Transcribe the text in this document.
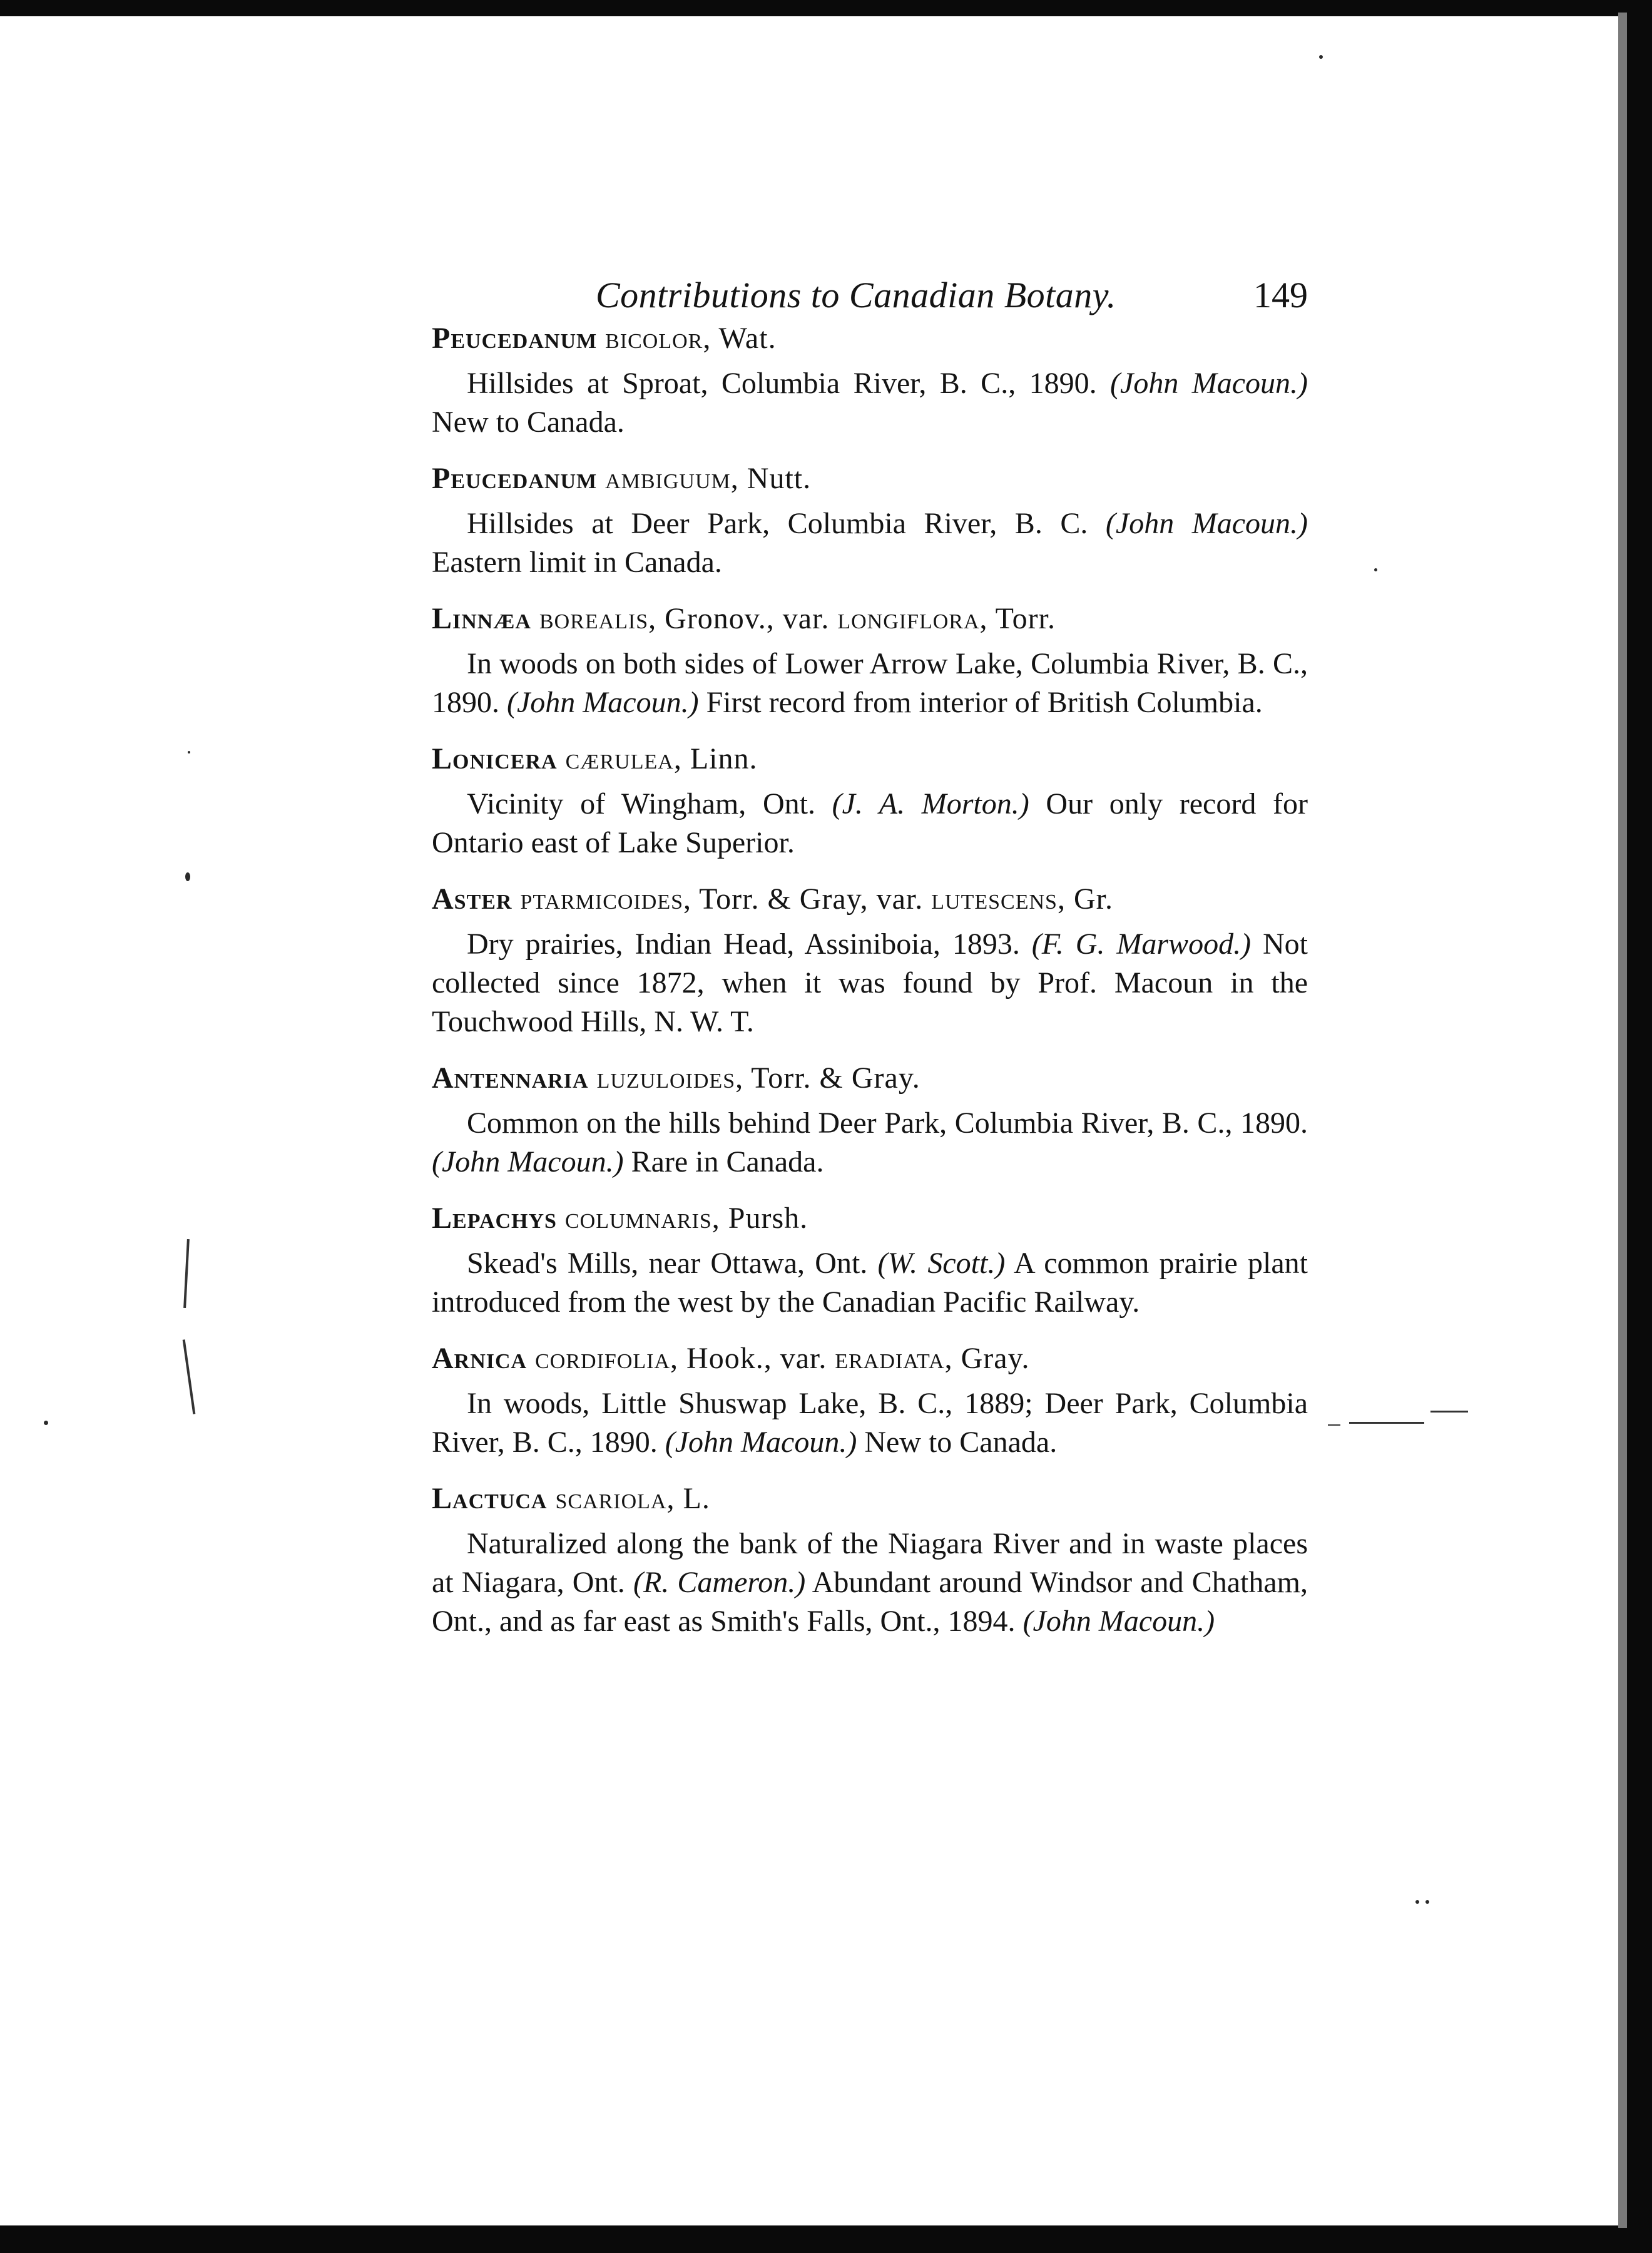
Contributions to Canadian Botany.	149
Peucedanum bicolor, Wat.

Hillsides at Sproat, Columbia River, B. C., 1890. (John Macoun.) New to Canada.

Peucedanum ambiguum, Nutt.

Hillsides at Deer Park, Columbia River, B. C. (John Macoun.) Eastern limit in Canada.

Linnæa borealis, Gronov., var. longiflora, Torr.

In woods on both sides of Lower Arrow Lake, Columbia River, B. C., 1890. (John Macoun.) First record from interior of British Columbia.

Lonicera cærulea, Linn.

Vicinity of Wingham, Ont. (J. A. Morton.) Our only record for Ontario east of Lake Superior.

Aster ptarmicoides, Torr. & Gray, var. lutescens, Gr.

Dry prairies, Indian Head, Assiniboia, 1893. (F. G. Marwood.) Not collected since 1872, when it was found by Prof. Macoun in the Touchwood Hills, N. W. T.

Antennaria luzuloides, Torr. & Gray.

Common on the hills behind Deer Park, Columbia River, B. C., 1890. (John Macoun.) Rare in Canada.

Lepachys columnaris, Pursh.

Skead's Mills, near Ottawa, Ont. (W. Scott.) A common prairie plant introduced from the west by the Canadian Pacific Railway.

Arnica cordifolia, Hook., var. eradiata, Gray.

In woods, Little Shuswap Lake, B. C., 1889; Deer Park, Columbia River, B. C., 1890. (John Macoun.) New to Canada.

Lactuca scariola, L.

Naturalized along the bank of the Niagara River and in waste places at Niagara, Ont. (R. Cameron.) Abundant around Windsor and Chatham, Ont., and as far east as Smith's Falls, Ont., 1894. (John Macoun.)
